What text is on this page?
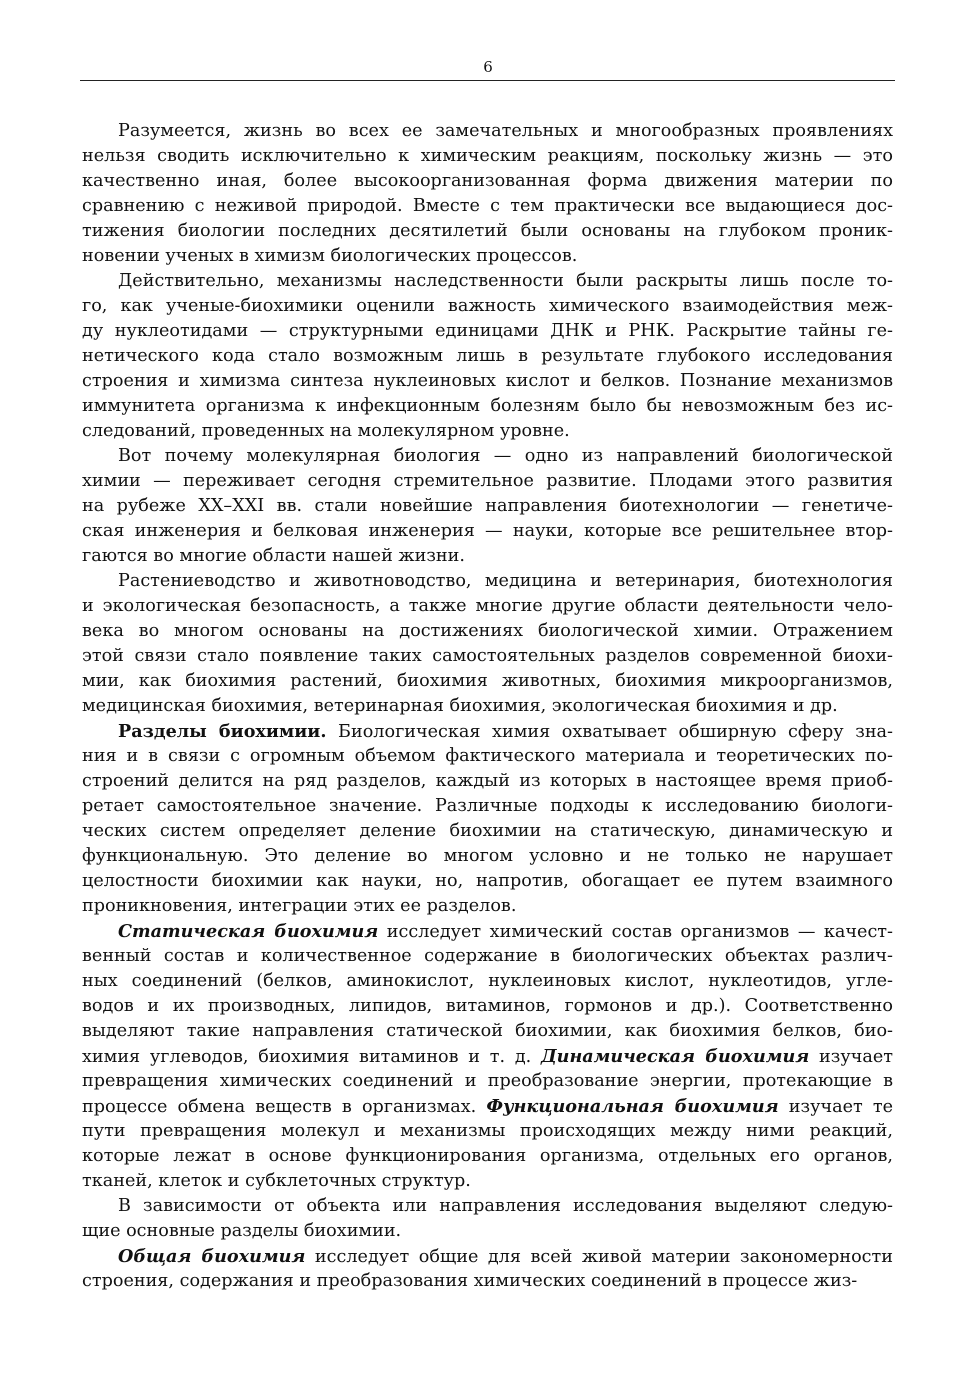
6
Разумеется, жизнь во всех ее замечательных и многообразных проявлениях
нельзя сводить исключительно к химическим реакциям, поскольку жизнь — это
качественно иная, более высокоорганизованная форма движения материи по
сравнению с неживой природой. Вместе с тем практически все выдающиеся дос-
тижения биологии последних десятилетий были основаны на глубоком проник-
новении ученых в химизм биологических процессов.
Действительно, механизмы наследственности были раскрыты лишь после то-
го, как ученые-биохимики оценили важность химического взаимодействия меж-
ду нуклеотидами — структурными единицами ДНК и РНК. Раскрытие тайны ге-
нетического кода стало возможным лишь в результате глубокого исследования
строения и химизма синтеза нуклеиновых кислот и белков. Познание механизмов
иммунитета организма к инфекционным болезням было бы невозможным без ис-
следований, проведенных на молекулярном уровне.
Вот почему молекулярная биология — одно из направлений биологической
химии — переживает сегодня стремительное развитие. Плодами этого развития
на рубеже XX–XXI вв. стали новейшие направления биотехнологии — генетиче-
ская инженерия и белковая инженерия — науки, которые все решительнее втор-
гаются во многие области нашей жизни.
Растениеводство и животноводство, медицина и ветеринария, биотехнология
и экологическая безопасность, а также многие другие области деятельности чело-
века во многом основаны на достижениях биологической химии. Отражением
этой связи стало появление таких самостоятельных разделов современной биохи-
мии, как биохимия растений, биохимия животных, биохимия микроорганизмов,
медицинская биохимия, ветеринарная биохимия, экологическая биохимия и др.
Разделы биохимии. Биологическая химия охватывает обширную сферу зна-
ния и в связи с огромным объемом фактического материала и теоретических по-
строений делится на ряд разделов, каждый из которых в настоящее время приоб-
ретает самостоятельное значение. Различные подходы к исследованию биологи-
ческих систем определяет деление биохимии на статическую, динамическую и
функциональную. Это деление во многом условно и не только не нарушает
целостности биохимии как науки, но, напротив, обогащает ее путем взаимного
проникновения, интеграции этих ее разделов.
Статическая биохимия исследует химический состав организмов — качест-
венный состав и количественное содержание в биологических объектах различ-
ных соединений (белков, аминокислот, нуклеиновых кислот, нуклеотидов, угле-
водов и их производных, липидов, витаминов, гормонов и др.). Соответственно
выделяют такие направления статической биохимии, как биохимия белков, био-
химия углеводов, биохимия витаминов и т. д. Динамическая биохимия изучает
превращения химических соединений и преобразование энергии, протекающие в
процессе обмена веществ в организмах. Функциональная биохимия изучает те
пути превращения молекул и механизмы происходящих между ними реакций,
которые лежат в основе функционирования организма, отдельных его органов,
тканей, клеток и субклеточных структур.
В зависимости от объекта или направления исследования выделяют следую-
щие основные разделы биохимии.
Общая биохимия исследует общие для всей живой материи закономерности
строения, содержания и преобразования химических соединений в процессе жиз-
